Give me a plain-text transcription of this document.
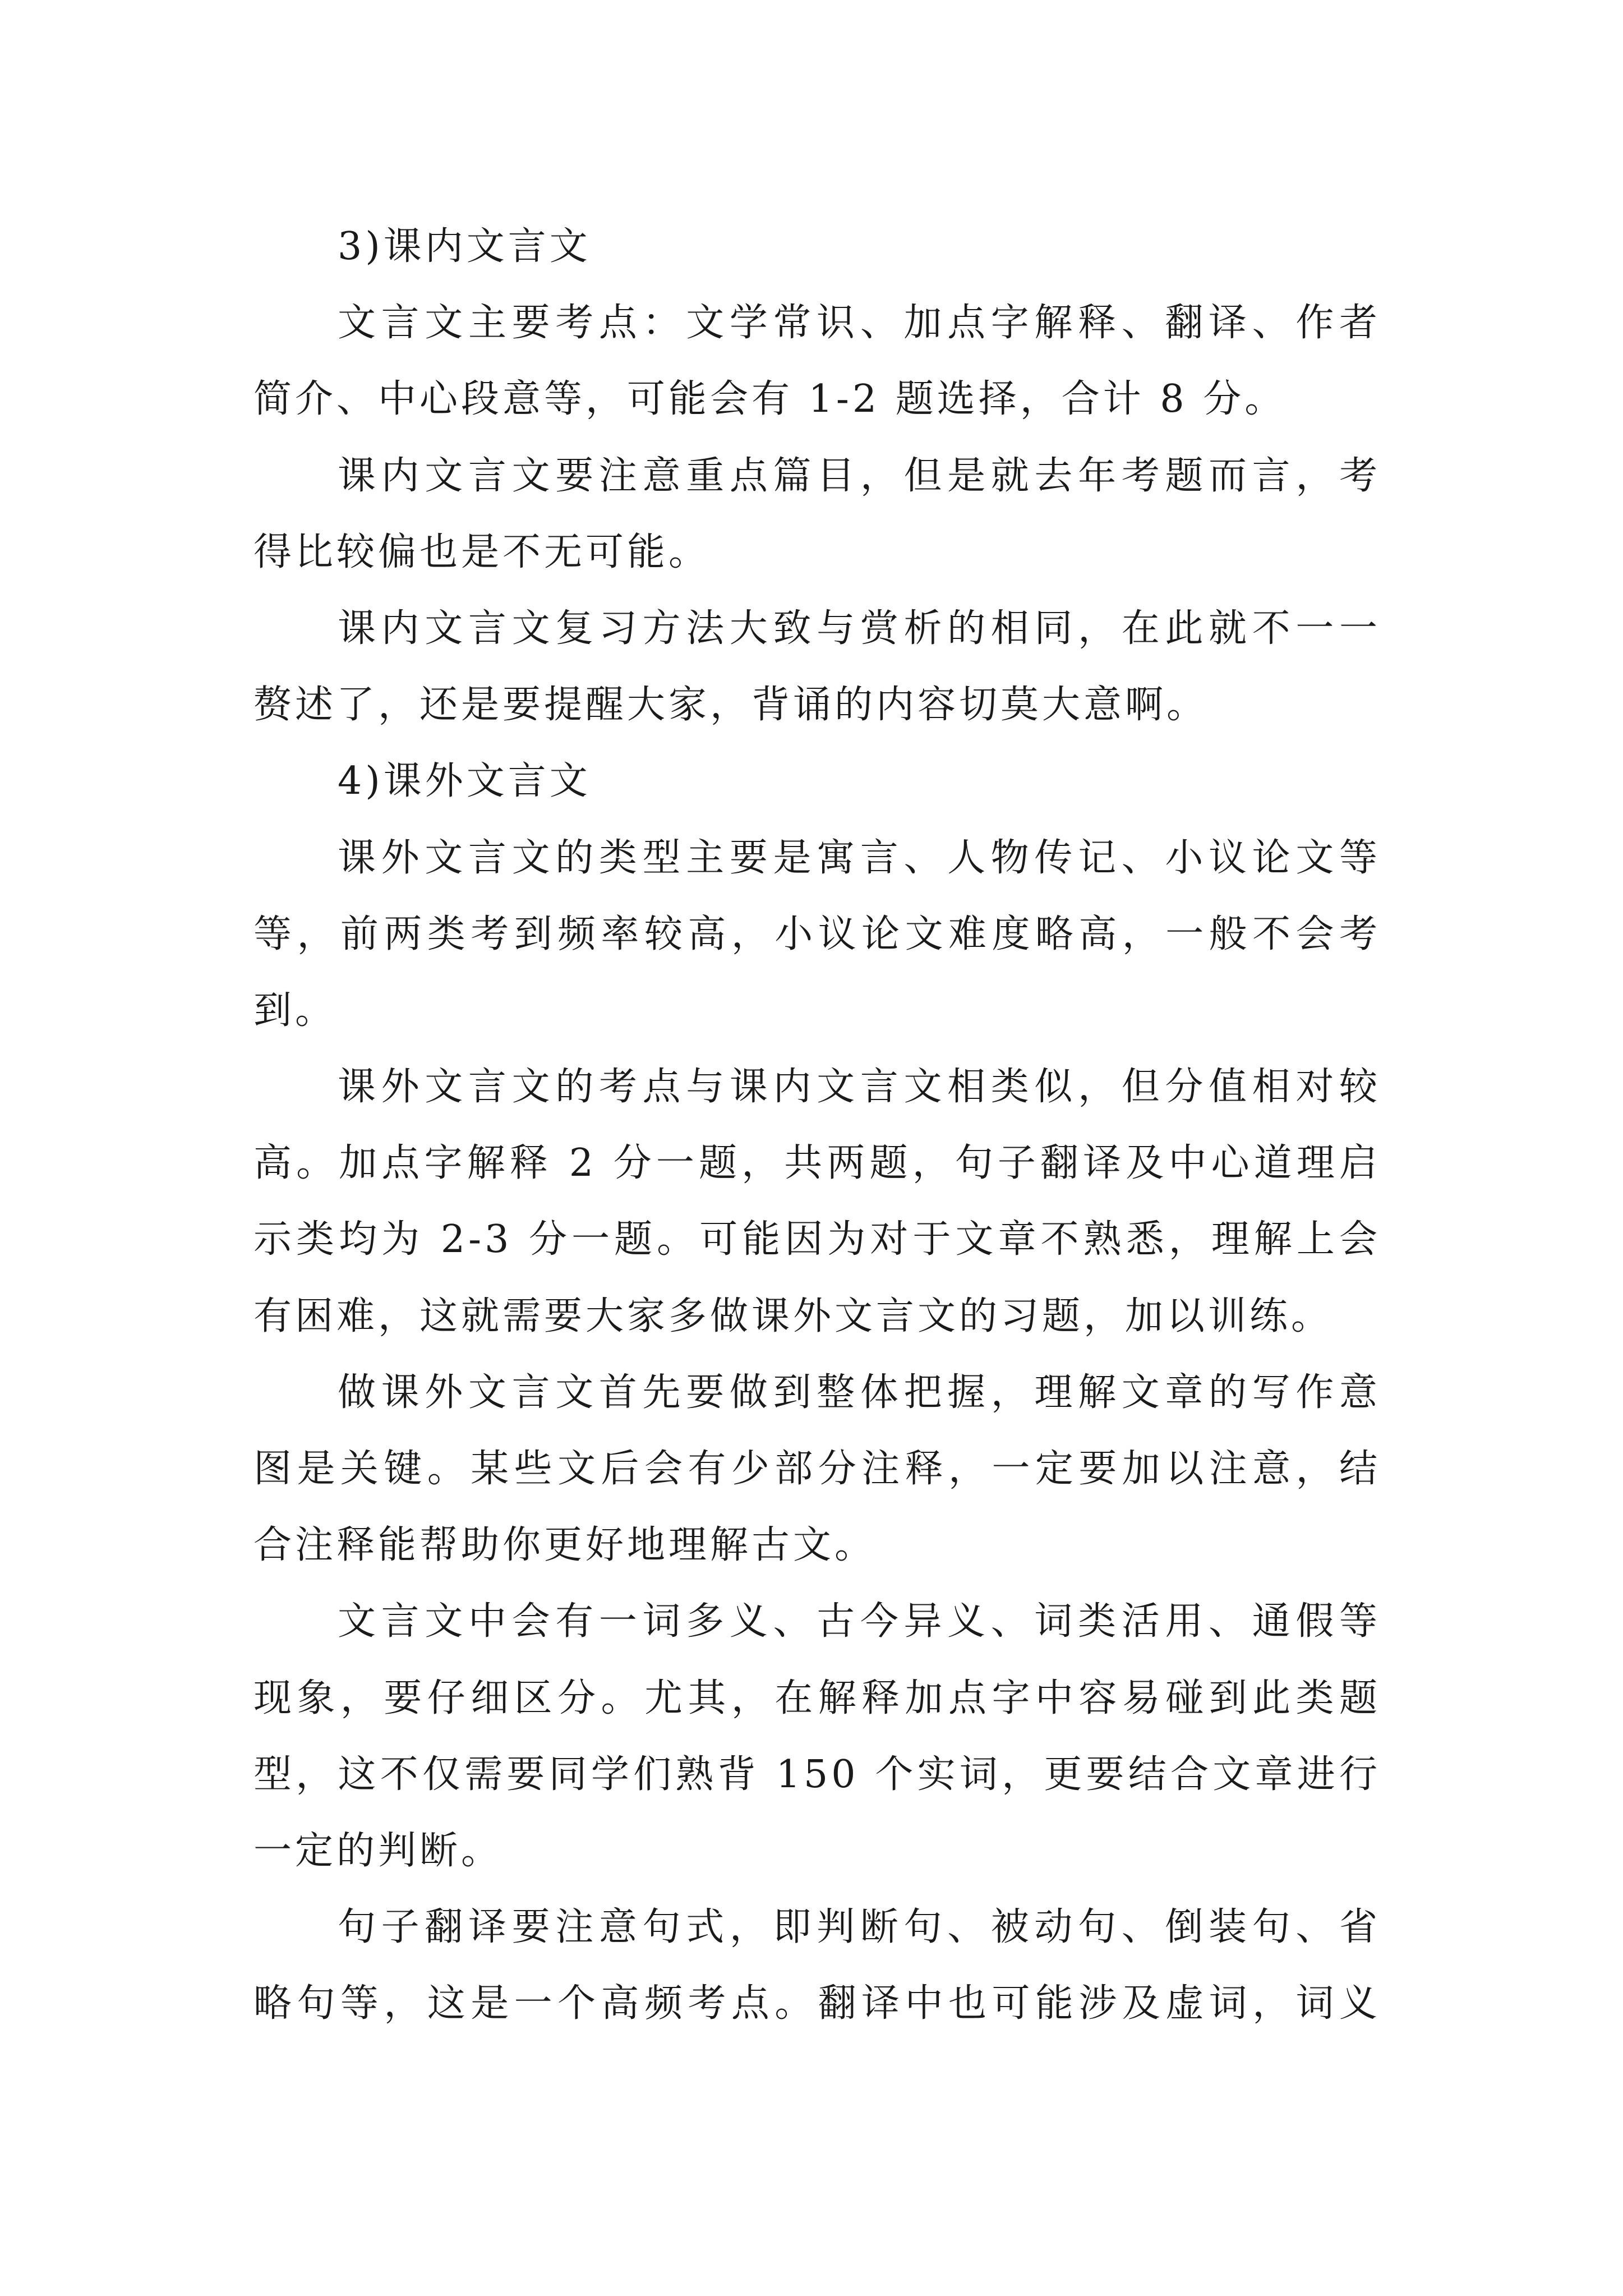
3)课内文言文
文言文主要考点：文学常识、加点字解释、翻译、作者
简介、中心段意等，可能会有 1-2 题选择，合计 8 分。
课内文言文要注意重点篇目，但是就去年考题而言，考
得比较偏也是不无可能。
课内文言文复习方法大致与赏析的相同，在此就不一一
赘述了，还是要提醒大家，背诵的内容切莫大意啊。
4)课外文言文
课外文言文的类型主要是寓言、人物传记、小议论文等
等，前两类考到频率较高，小议论文难度略高，一般不会考
到。
课外文言文的考点与课内文言文相类似，但分值相对较
高。加点字解释 2 分一题，共两题，句子翻译及中心道理启
示类均为 2-3 分一题。可能因为对于文章不熟悉，理解上会
有困难，这就需要大家多做课外文言文的习题，加以训练。
做课外文言文首先要做到整体把握，理解文章的写作意
图是关键。某些文后会有少部分注释，一定要加以注意，结
合注释能帮助你更好地理解古文。
文言文中会有一词多义、古今异义、词类活用、通假等
现象，要仔细区分。尤其，在解释加点字中容易碰到此类题
型，这不仅需要同学们熟背 150 个实词，更要结合文章进行
一定的判断。
句子翻译要注意句式，即判断句、被动句、倒装句、省
略句等，这是一个高频考点。翻译中也可能涉及虚词，词义
